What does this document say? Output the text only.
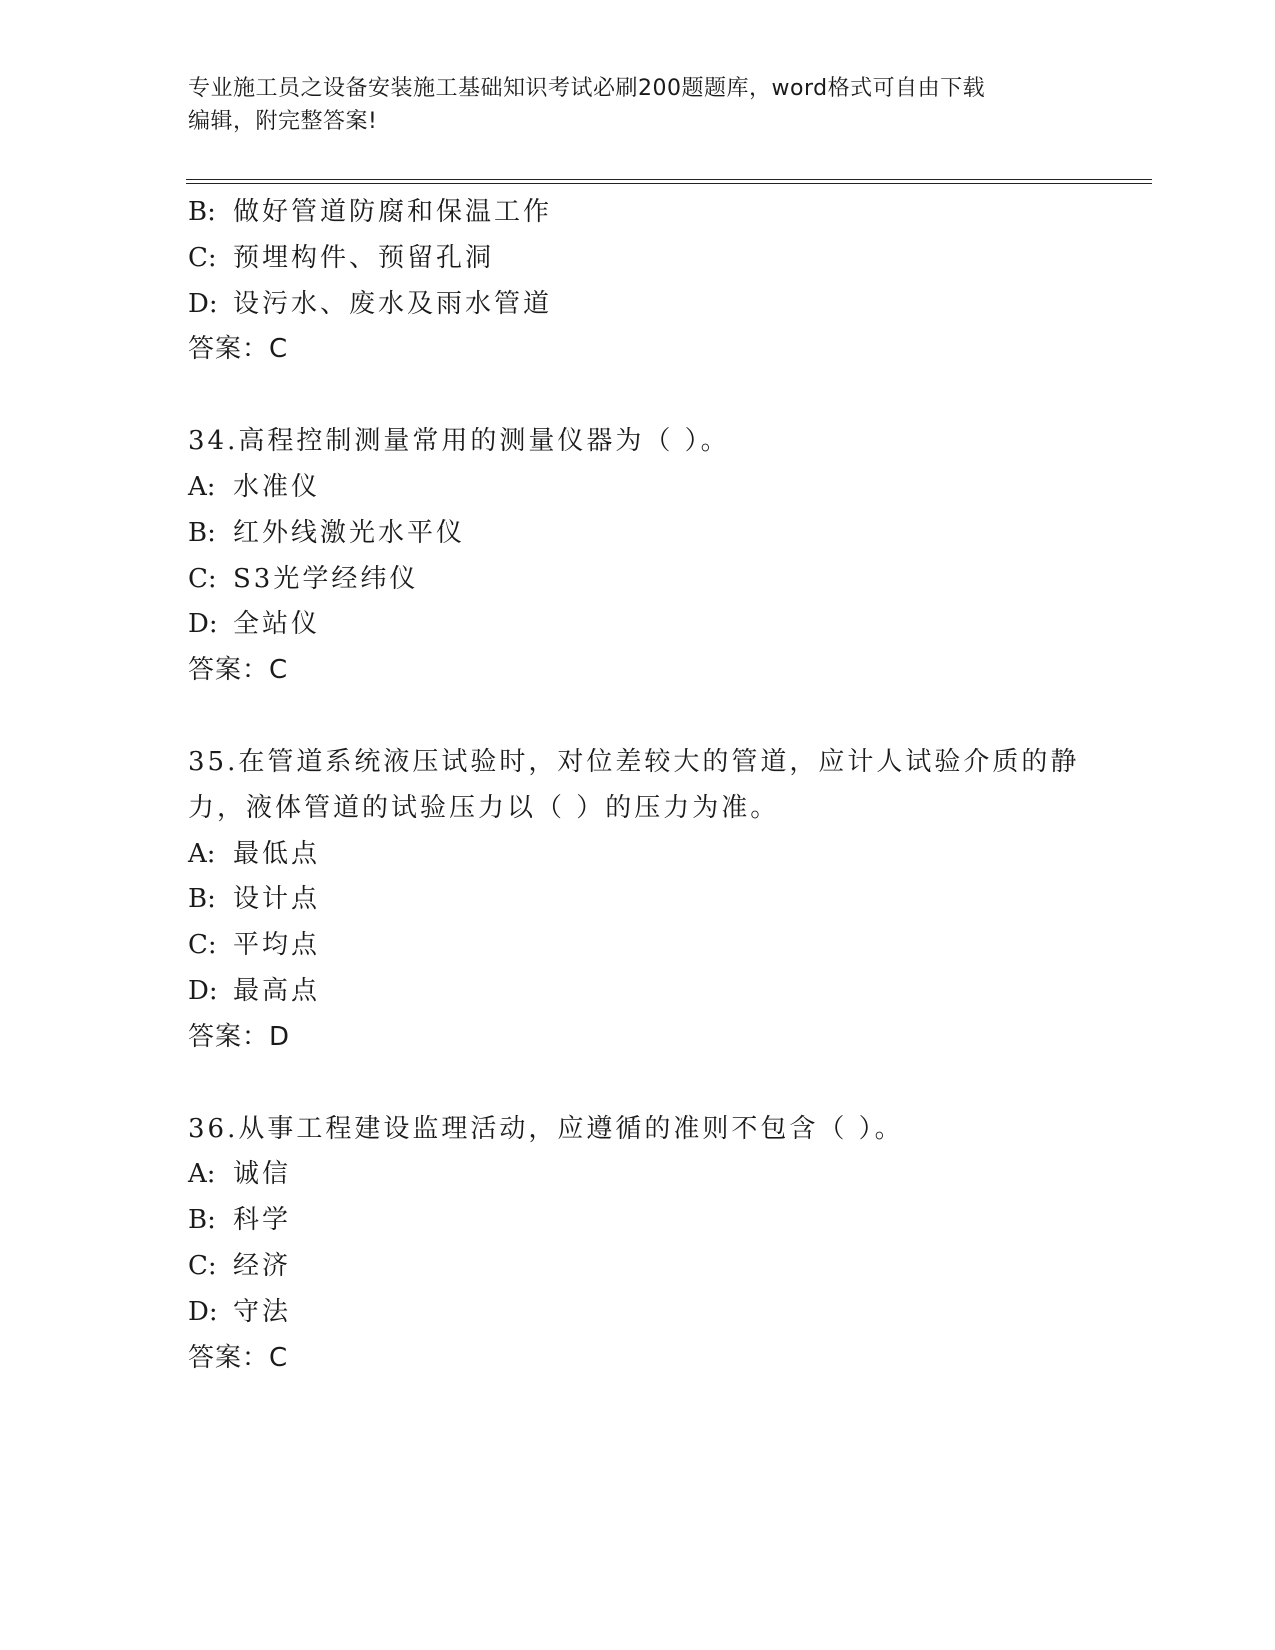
专业施工员之设备安装施工基础知识考试必刷200题题库，word格式可自由下载
编辑，附完整答案!
B: 做好管道防腐和保温工作
C: 预埋构件、预留孔洞
D: 设污水、废水及雨水管道
答案：C
34.高程控制测量常用的测量仪器为（ ）。
A: 水准仪
B: 红外线激光水平仪
C: S3光学经纬仪
D: 全站仪
答案：C
35.在管道系统液压试验时，对位差较大的管道，应计人试验介质的静
力，液体管道的试验压力以（ ）的压力为准。
A: 最低点
B: 设计点
C: 平均点
D: 最高点
答案：D
36.从事工程建设监理活动，应遵循的准则不包含（ ）。
A: 诚信
B: 科学
C: 经济
D: 守法
答案：C
